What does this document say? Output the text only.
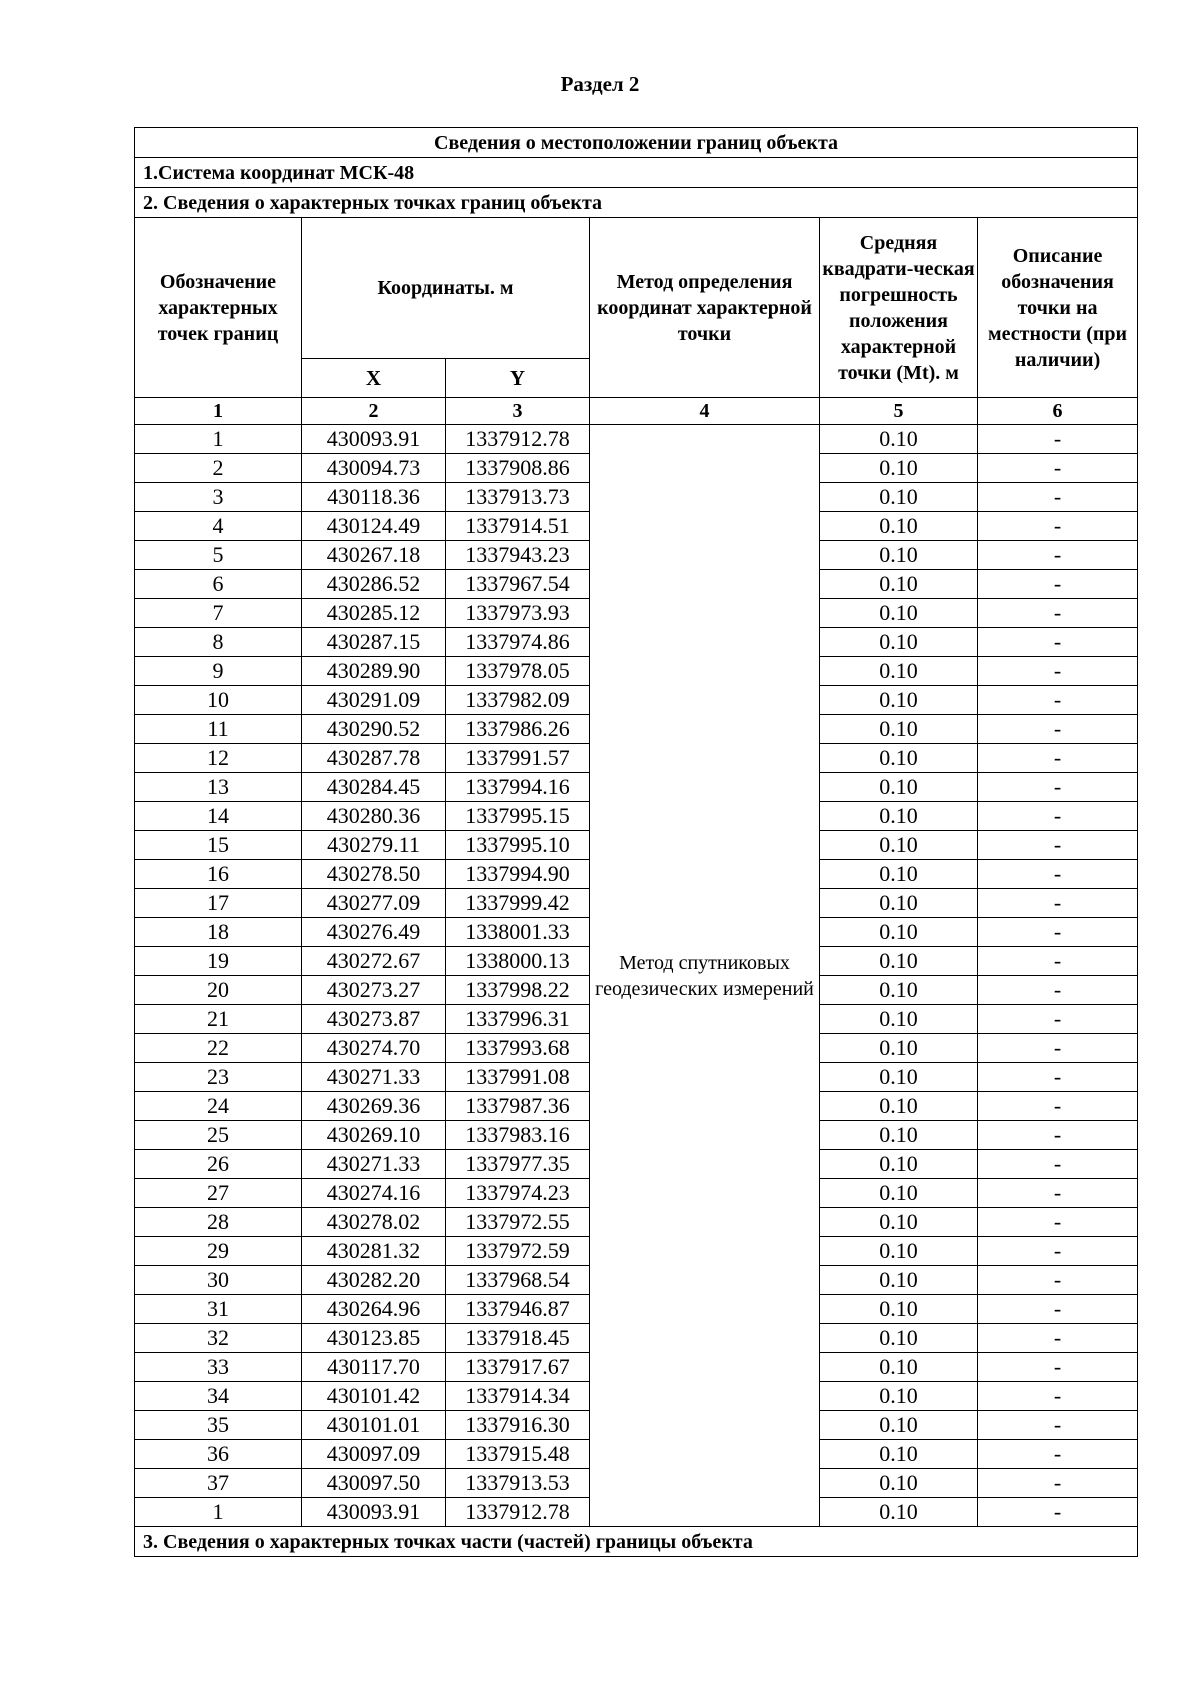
Раздел 2
Сведения о местоположении границ объекта					
1.Система координат МСК-48					
2. Сведения о характерных точках границ объекта					
Обозначение характерных точек границ	Координаты. м		Метод определения координат характерной точки	Средняя квадрати-ческая погрешность положения характерной точки (Mt). м	Описание обозначения точки на местности (при наличии)
	X	Y			
1	2	3	4	5	6
1	430093.91	1337912.78	Метод спутниковых геодезических измерений	0.10	-
2	430094.73	1337908.86		0.10	-
3	430118.36	1337913.73		0.10	-
4	430124.49	1337914.51		0.10	-
5	430267.18	1337943.23		0.10	-
6	430286.52	1337967.54		0.10	-
7	430285.12	1337973.93		0.10	-
8	430287.15	1337974.86		0.10	-
9	430289.90	1337978.05		0.10	-
10	430291.09	1337982.09		0.10	-
11	430290.52	1337986.26		0.10	-
12	430287.78	1337991.57		0.10	-
13	430284.45	1337994.16		0.10	-
14	430280.36	1337995.15		0.10	-
15	430279.11	1337995.10		0.10	-
16	430278.50	1337994.90		0.10	-
17	430277.09	1337999.42		0.10	-
18	430276.49	1338001.33		0.10	-
19	430272.67	1338000.13		0.10	-
20	430273.27	1337998.22		0.10	-
21	430273.87	1337996.31		0.10	-
22	430274.70	1337993.68		0.10	-
23	430271.33	1337991.08		0.10	-
24	430269.36	1337987.36		0.10	-
25	430269.10	1337983.16		0.10	-
26	430271.33	1337977.35		0.10	-
27	430274.16	1337974.23		0.10	-
28	430278.02	1337972.55		0.10	-
29	430281.32	1337972.59		0.10	-
30	430282.20	1337968.54		0.10	-
31	430264.96	1337946.87		0.10	-
32	430123.85	1337918.45		0.10	-
33	430117.70	1337917.67		0.10	-
34	430101.42	1337914.34		0.10	-
35	430101.01	1337916.30		0.10	-
36	430097.09	1337915.48		0.10	-
37	430097.50	1337913.53		0.10	-
1	430093.91	1337912.78		0.10	-
3. Сведения о характерных точках части (частей) границы объекта					
